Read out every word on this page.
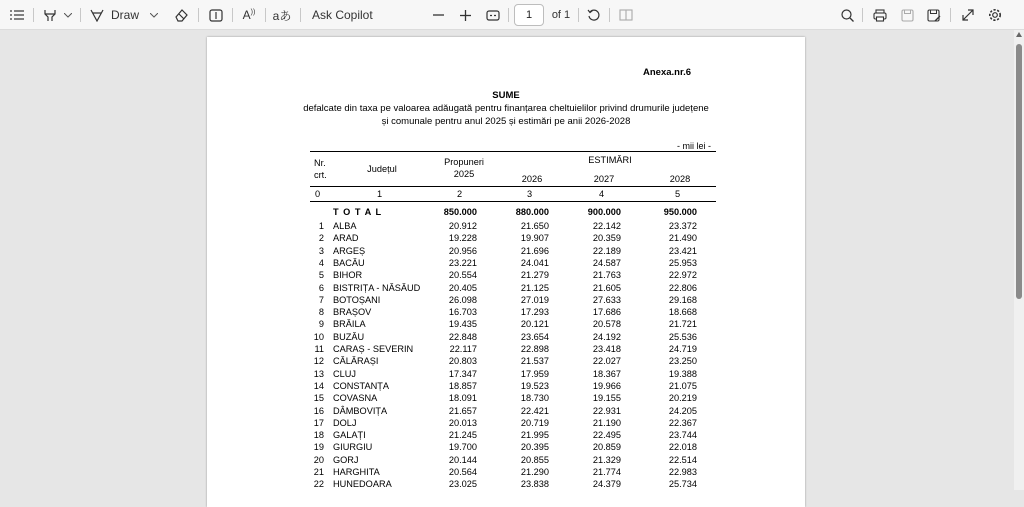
Draw	A)) aあ Ask Copilot	1	of 1
Anexa.nr.6
SUME
defalcate din taxa pe valoarea adăugată pentru finanțarea cheltuielilor privind drumurile județene
și comunale pentru anul 2025 și estimări pe anii 2026-2028
- mii lei -
Nr.
crt.
Județul
Propuneri
2025
ESTIMĂRI
2026	2027	2028
0	1	2	3	4	5
T O T A L	850.000	880.000	900.000	950.000
1 ALBA	20.912	21.650	22.142	23.372
2 ARAD	19.228	19.907	20.359	21.490
3 ARGEȘ	20.956	21.696	22.189	23.421
4 BACĂU	23.221	24.041	24.587	25.953
5 BIHOR	20.554	21.279	21.763	22.972
6 BISTRIȚA - NĂSĂUD	20.405	21.125	21.605	22.806
7 BOTOȘANI	26.098	27.019	27.633	29.168
8 BRAȘOV	16.703	17.293	17.686	18.668
9 BRĂILA	19.435	20.121	20.578	21.721
10 BUZĂU	22.848	23.654	24.192	25.536
11 CARAȘ - SEVERIN	22.117	22.898	23.418	24.719
12 CĂLĂRAȘI	20.803	21.537	22.027	23.250
13 CLUJ	17.347	17.959	18.367	19.388
14 CONSTANȚA	18.857	19.523	19.966	21.075
15 COVASNA	18.091	18.730	19.155	20.219
16 DÂMBOVIȚA	21.657	22.421	22.931	24.205
17 DOLJ	20.013	20.719	21.190	22.367
18 GALAȚI	21.245	21.995	22.495	23.744
19 GIURGIU	19.700	20.395	20.859	22.018
20 GORJ	20.144	20.855	21.329	22.514
21 HARGHITA	20.564	21.290	21.774	22.983
22 HUNEDOARA	23.025	23.838	24.379	25.734
